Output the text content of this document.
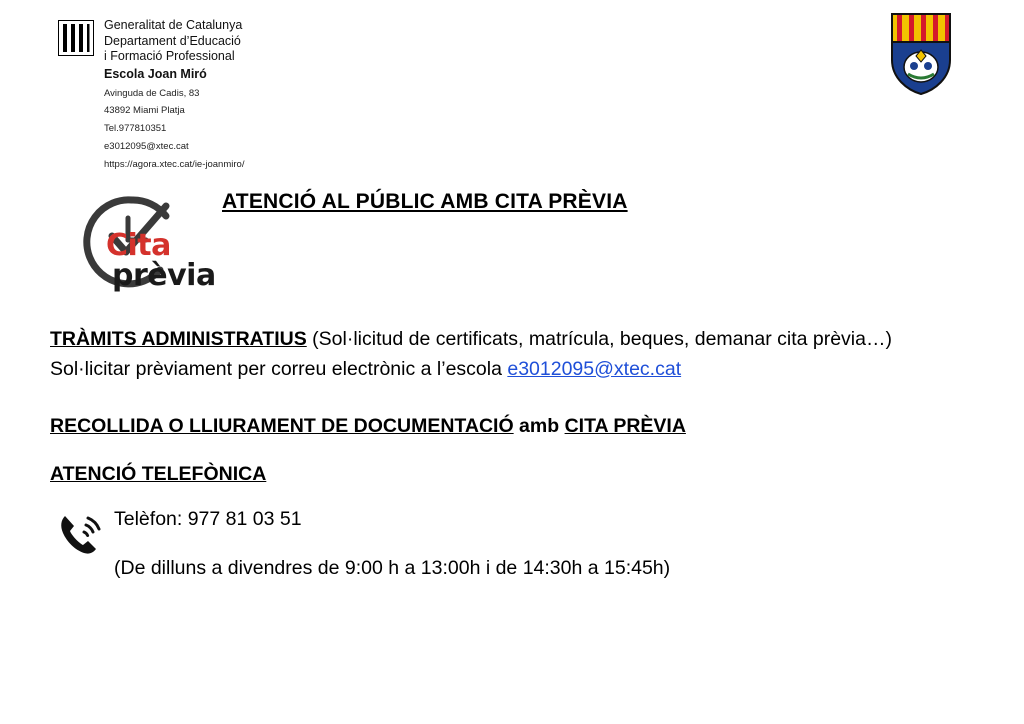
Generalitat de Catalunya
Departament d’Educació
i Formació Professional
Escola Joan Miró
Avinguda de Cadis, 83
43892 Miami Platja
Tel.977810351
e3012095@xtec.cat
https://agora.xtec.cat/ie-joanmiro/
ATENCIÓ AL PÚBLIC AMB CITA PRÈVIA
Cita
prèvia
TRÀMITS ADMINISTRATIUS (Sol·licitud de certificats, matrícula, beques, demanar cita prèvia…) Sol·licitar prèviament per correu electrònic a l’escola e3012095@xtec.cat
RECOLLIDA O LLIURAMENT DE DOCUMENTACIÓ amb CITA PRÈVIA
ATENCIÓ TELEFÒNICA
Telèfon: 977 81 03 51
(De dilluns a divendres de 9:00 h a 13:00h i de 14:30h a 15:45h)
